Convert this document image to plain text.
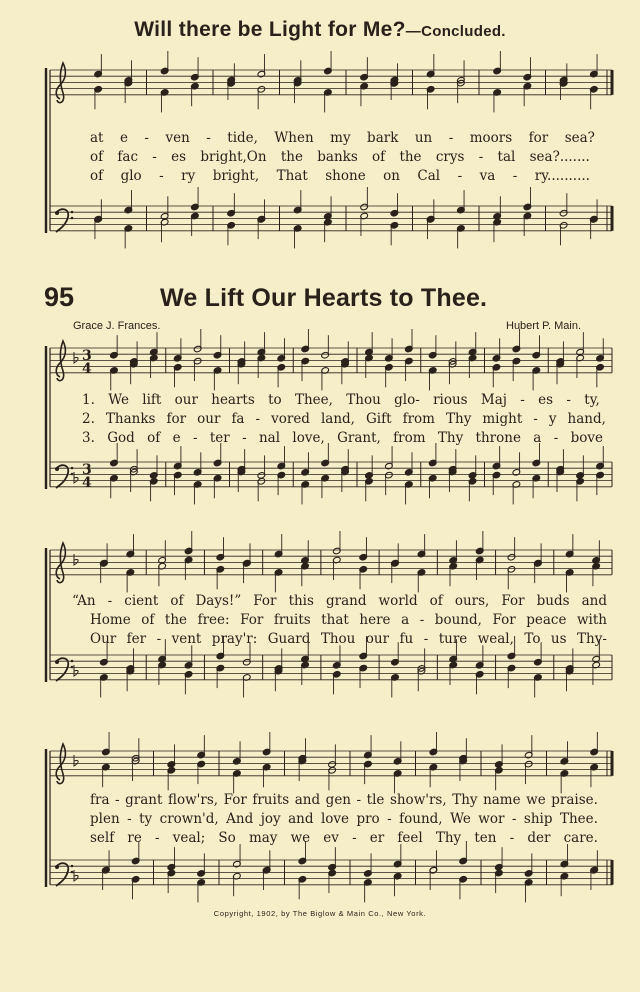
Will there be Light for Me?—Concluded.
3
4
3
4
at e - ven - tide, When my bark un - moors for sea?
of fac - es bright,On the banks of the crys - tal sea?.......
of glo - ry bright, That shone on Cal - va - ry..........
95	We Lift Our Hearts to Thee.
Grace J. Frances.	Hubert P. Main.
1. We lift our hearts to Thee, Thou glo- rious Maj - es - ty,
2. Thanks for our fa - vored land, Gift from Thy might - y hand,
3. God of e - ter - nal love, Grant, from Thy throne a - bove
“An - cient of Days!” For this grand world of ours, For buds and
Home of the free: For fruits that here a - bound, For peace with
Our fer - vent pray'r: Guard Thou our fu - ture weal, To us Thy-
fra - grant flow'rs, For fruits and gen - tle show'rs, Thy name we praise.
plen - ty crown'd, And joy and love pro - found, We wor - ship Thee.
self re - veal; So may we ev - er feel Thy ten - der care.
Copyright, 1902, by The Biglow & Main Co., New York.
